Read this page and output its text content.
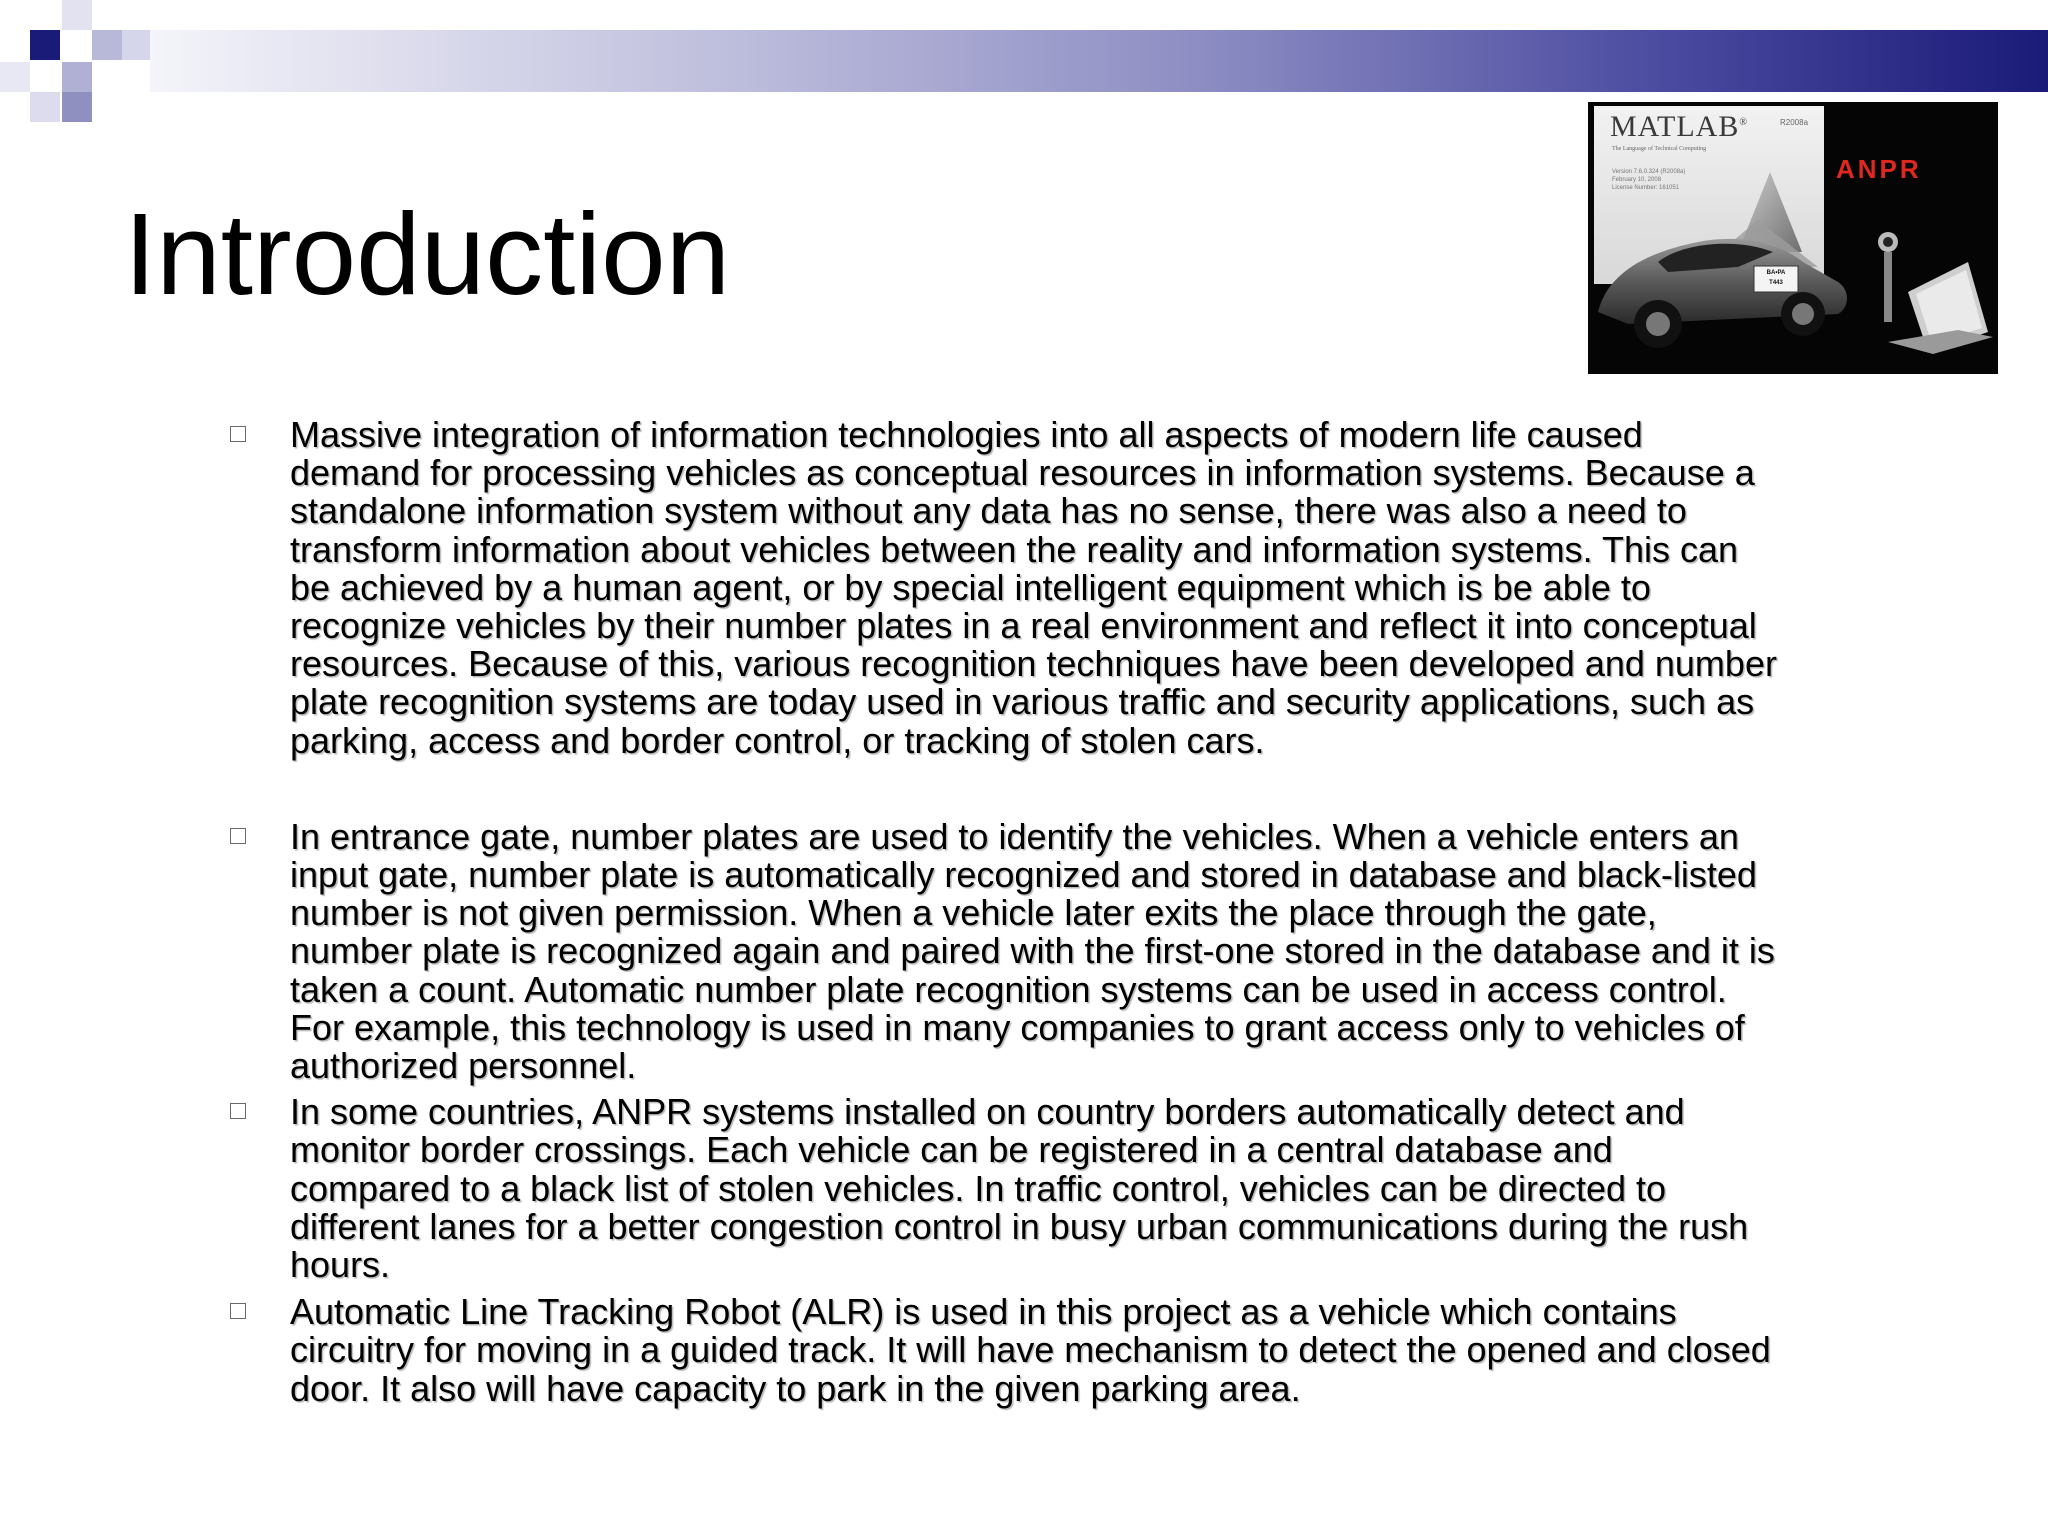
MATLAB®
The Language of Technical Computing
R2008a
Version 7.6.0.324 (R2008a)
February 10, 2008
License Number: 161051
ANPR
BA•PA
T443
Introduction
Massive integration of information technologies into all aspects of modern life caused
demand for processing vehicles as conceptual resources in information systems. Because a
standalone information system without any data has no sense, there was also a need to
transform information about vehicles between the reality and information systems. This can
be achieved by a human agent, or by special intelligent equipment which is be able to
recognize vehicles by their number plates in a real environment and reflect it into conceptual
resources. Because of this, various recognition techniques have been developed and number
plate recognition systems are today used in various traffic and security applications, such as
parking, access and border control, or tracking of stolen cars.
In entrance gate, number plates are used to identify the vehicles. When a vehicle enters an
input gate, number plate is automatically recognized and stored in database and black-listed
number is not given permission. When a vehicle later exits the place through the gate,
number plate is recognized again and paired with the first-one stored in the database and it is
taken a count. Automatic number plate recognition systems can be used in access control.
For example, this technology is used in many companies to grant access only to vehicles of
authorized personnel.
In some countries, ANPR systems installed on country borders automatically detect and
monitor border crossings. Each vehicle can be registered in a central database and
compared to a black list of stolen vehicles. In traffic control, vehicles can be directed to
different lanes for a better congestion control in busy urban communications during the rush
hours.
Automatic Line Tracking Robot (ALR) is used in this project as a vehicle which contains
circuitry for moving in a guided track. It will have mechanism to detect the opened and closed
door. It also will have capacity to park in the given parking area.
